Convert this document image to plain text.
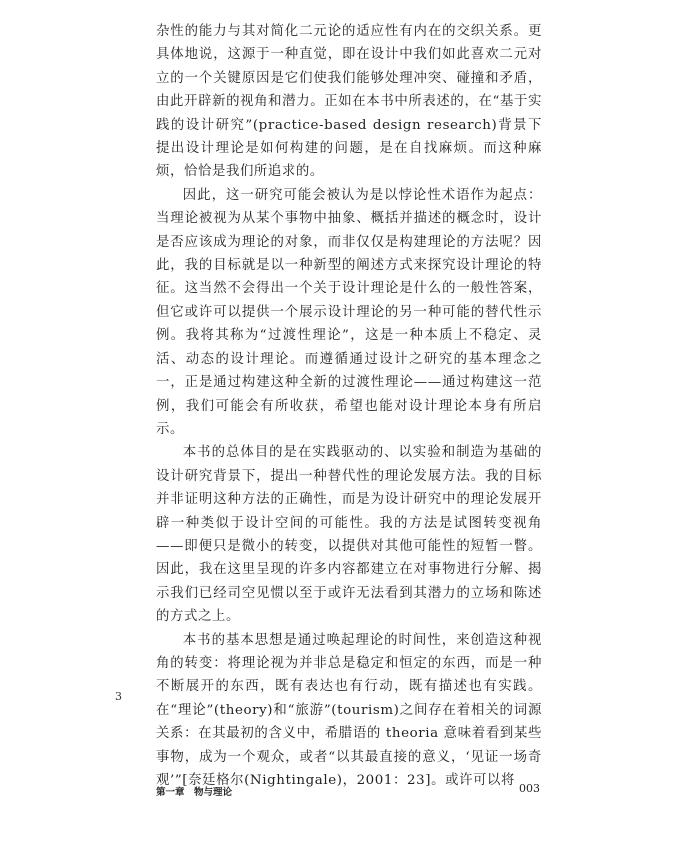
杂性的能力与其对简化二元论的适应性有内在的交织关系。更具体地说，这源于一种直觉，即在设计中我们如此喜欢二元对立的一个关键原因是它们使我们能够处理冲突、碰撞和矛盾，由此开辟新的视角和潜力。正如在本书中所表述的，在“基于实践的设计研究”(practice-based design research)背景下提出设计理论是如何构建的问题，是在自找麻烦。而这种麻烦，恰恰是我们所追求的。

因此，这一研究可能会被认为是以悖论性术语作为起点：当理论被视为从某个事物中抽象、概括并描述的概念时，设计是否应该成为理论的对象，而非仅仅是构建理论的方法呢？因此，我的目标就是以一种新型的阐述方式来探究设计理论的特征。这当然不会得出一个关于设计理论是什么的一般性答案，但它或许可以提供一个展示设计理论的另一种可能的替代性示例。我将其称为“过渡性理论”，这是一种本质上不稳定、灵活、动态的设计理论。而遵循通过设计之研究的基本理念之一，正是通过构建这种全新的过渡性理论——通过构建这一范例，我们可能会有所收获，希望也能对设计理论本身有所启示。

本书的总体目的是在实践驱动的、以实验和制造为基础的设计研究背景下，提出一种替代性的理论发展方法。我的目标并非证明这种方法的正确性，而是为设计研究中的理论发展开辟一种类似于设计空间的可能性。我的方法是试图转变视角——即便只是微小的转变，以提供对其他可能性的短暂一瞥。因此，我在这里呈现的许多内容都建立在对事物进行分解、揭示我们已经司空见惯以至于或许无法看到其潜力的立场和陈述的方式之上。

本书的基本思想是通过唤起理论的时间性，来创造这种视角的转变：将理论视为并非总是稳定和恒定的东西，而是一种不断展开的东西，既有表达也有行动，既有描述也有实践。在“理论”(theory)和“旅游”(tourism)之间存在着相关的词源关系：在其最初的含义中，希腊语的 theoria 意味着看到某些事物，成为一个观众，或者“以其最直接的意义，‘见证一场奇观’”[奈廷格尔(Nightingale)，2001：23]。或许可以将

3
第一章　物与理论	003
